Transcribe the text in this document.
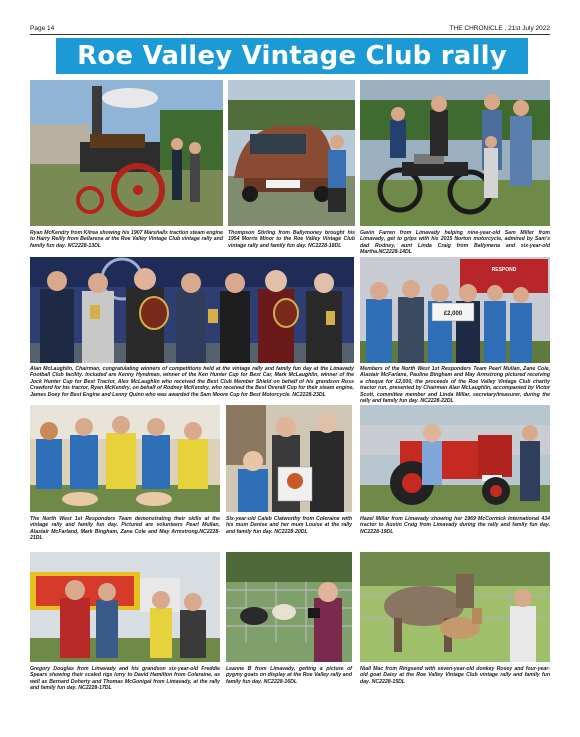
Page 14	THE CHRONICLE , 21st July 2022
Roe Valley Vintage Club rally
Ryan McKendry from Kilrea showing his 1907 Marshalls traction steam engine to Harry Reilly from Bellarena at the Roe Valley Vintage Club vintage rally and family fun day. NC2228-13DL
Thompson Stirling from Ballymoney brought his 1954 Morris Minor to the Roe Valley Vintage Club vintage rally and family fun day. NC2228-18DL
Gavin Farren from Limavady helping nine-year-old Sam Miller from Limavady, get to grips with his 2015 Norton motorcycle, admired by Sam's dad Rodney, aunt Linda Craig from Ballymena and six-year-old Martha.NC2228-14DL
Alan McLaughlin, Chairman, congratulating winners of competitions held at the vintage rally and family fun day at the Limavady Football Club facility. Included are Kenny Hyndman, winner of the Ken Hunter Cup for Best Car, Mark McLaughlin, winner of the Jock Hunter Cup for Best Tractor, Alex McLaughlin who received the Best Club Member Shield on behalf of his grandson Ross Crawford for his tractor, Ryan McKendry, on behalf of Rodney McKendry, who received the Best Overall Cup for their steam engine, James Doey for Best Engine and Lenny Quinn who was awarded the Sam Moore Cup for Best Motorcycle. NC2228-23DL
RESPOND
£2,000
Members of the North West 1st Responders Team Pearl Mullan, Zane Cole, Alastair McFarlane, Pauline Bingham and May Armstrong pictured receiving a cheque for £2,000, the proceeds of the Roe Valley Vintage Club charity tractor run, presented by Chairman Alan McLaughlin, accompanied by Victor Scott, committee member and Linda Millar, secretary/treasurer, during the rally and family fun day. NC2228-22DL
The North West 1st Responders Team demonstrating their skills at the vintage rally and family fun day. Pictured are volunteers Pearl Mullan, Alastair McFarland, Mark Bingham, Zane Cole and May Armstrong.NC2228-21DL
Six-year-old Caleb Clatworthy from Coleraine with his mum Denise and her mum Louise at the rally and family fun day. NC2228-20DL
Hazel Millar from Limavady showing her 1969 McCormick International 434 tractor to Austin Craig from Limavady during the rally and family fun day. NC2228-19DL
Gregory Douglas from Limavady and his grandson six-year-old Freddie Spears showing their scaled rigs lorry to David Hamilton from Coleraine, as well as Bernard Doherty and Thomas McGonigal from Limavady, at the rally and family fun day. NC2228-17DL
Leanne B from Limavady, getting a picture of pygmy goats on display at the Roe Valley rally and family fun day. NC2228-16DL
Niall Mac from Ringsend with seven-year-old donkey Rosey and four-year-old goat Daisy at the Roe Valley Vintage Club vintage rally and family fun day. NC2228-15DL
